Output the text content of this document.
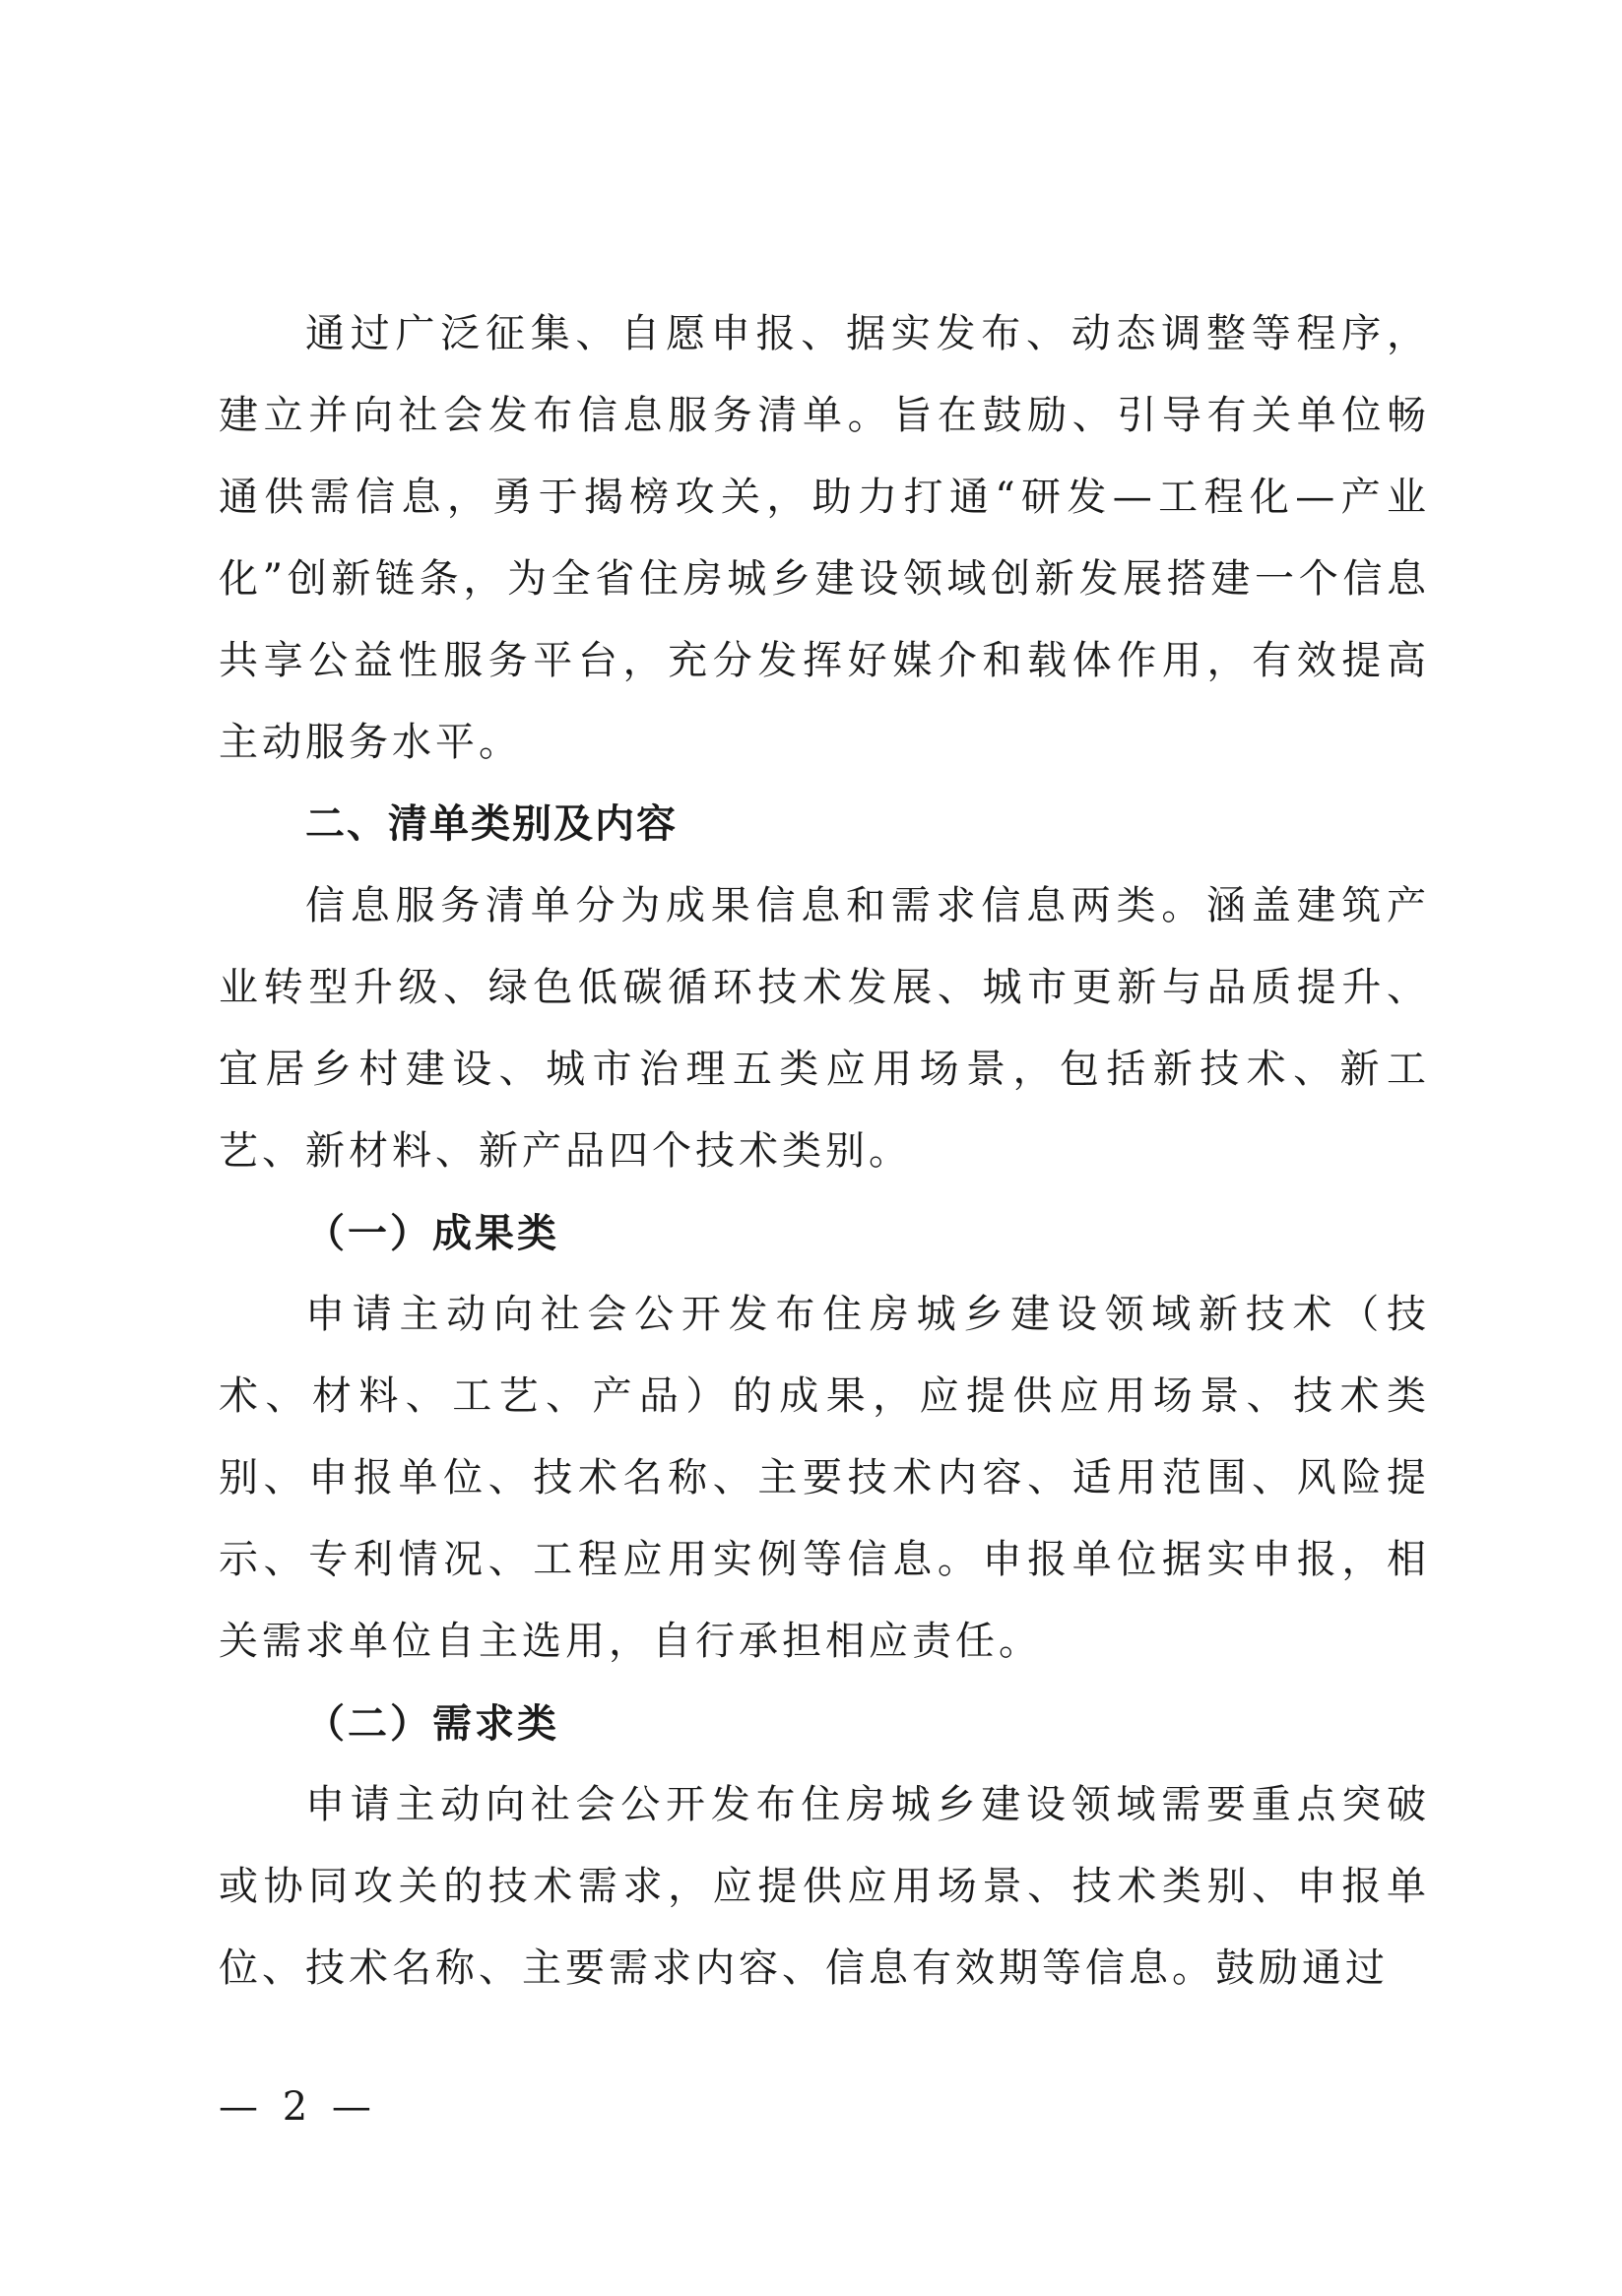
通过广泛征集、自愿申报、据实发布、动态调整等程序，建立并向社会发布信息服务清单。旨在鼓励、引导有关单位畅通供需信息，勇于揭榜攻关，助力打通“研发—工程化—产业化”创新链条，为全省住房城乡建设领域创新发展搭建一个信息共享公益性服务平台，充分发挥好媒介和载体作用，有效提高主动服务水平。

二、清单类别及内容

信息服务清单分为成果信息和需求信息两类。涵盖建筑产业转型升级、绿色低碳循环技术发展、城市更新与品质提升、宜居乡村建设、城市治理五类应用场景，包括新技术、新工艺、新材料、新产品四个技术类别。

（一）成果类

申请主动向社会公开发布住房城乡建设领域新技术（技术、材料、工艺、产品）的成果，应提供应用场景、技术类别、申报单位、技术名称、主要技术内容、适用范围、风险提示、专利情况、工程应用实例等信息。申报单位据实申报，相关需求单位自主选用，自行承担相应责任。

（二）需求类

申请主动向社会公开发布住房城乡建设领域需要重点突破或协同攻关的技术需求，应提供应用场景、技术类别、申报单位、技术名称、主要需求内容、信息有效期等信息。鼓励通过

— 2 —
